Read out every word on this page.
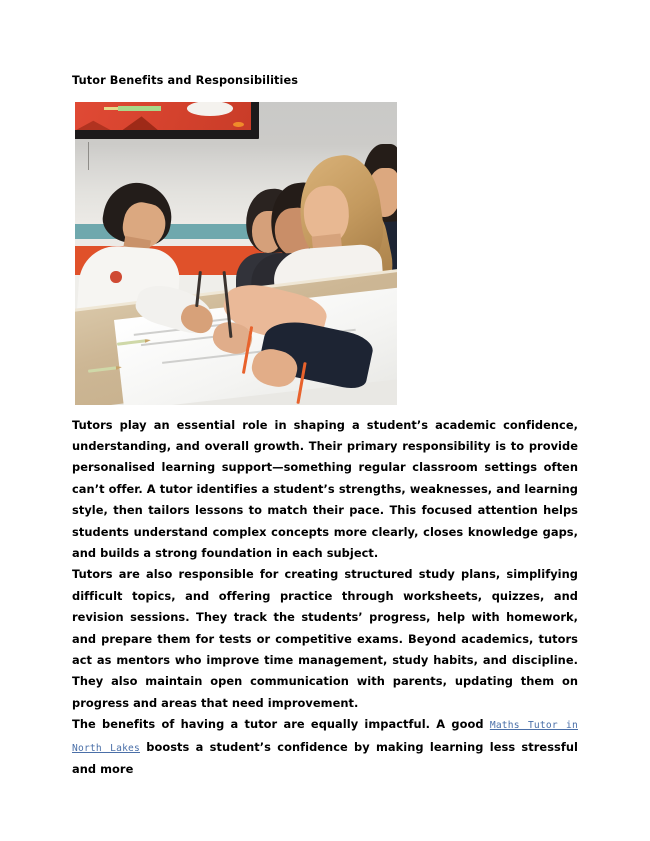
Tutor Benefits and Responsibilities

Tutors play an essential role in shaping a student’s academic confidence, understanding, and overall growth. Their primary responsibility is to provide personalised learning support—something regular classroom settings often can’t offer. A tutor identifies a student’s strengths, weaknesses, and learning style, then tailors lessons to match their pace. This focused attention helps students understand complex concepts more clearly, closes knowledge gaps, and builds a strong foundation in each subject.

Tutors are also responsible for creating structured study plans, simplifying difficult topics, and offering practice through worksheets, quizzes, and revision sessions. They track the students’ progress, help with homework, and prepare them for tests or competitive exams. Beyond academics, tutors act as mentors who improve time management, study habits, and discipline. They also maintain open communication with parents, updating them on progress and areas that need improvement.

The benefits of having a tutor are equally impactful. A good Maths Tutor in North Lakes boosts a student’s confidence by making learning less stressful and more
